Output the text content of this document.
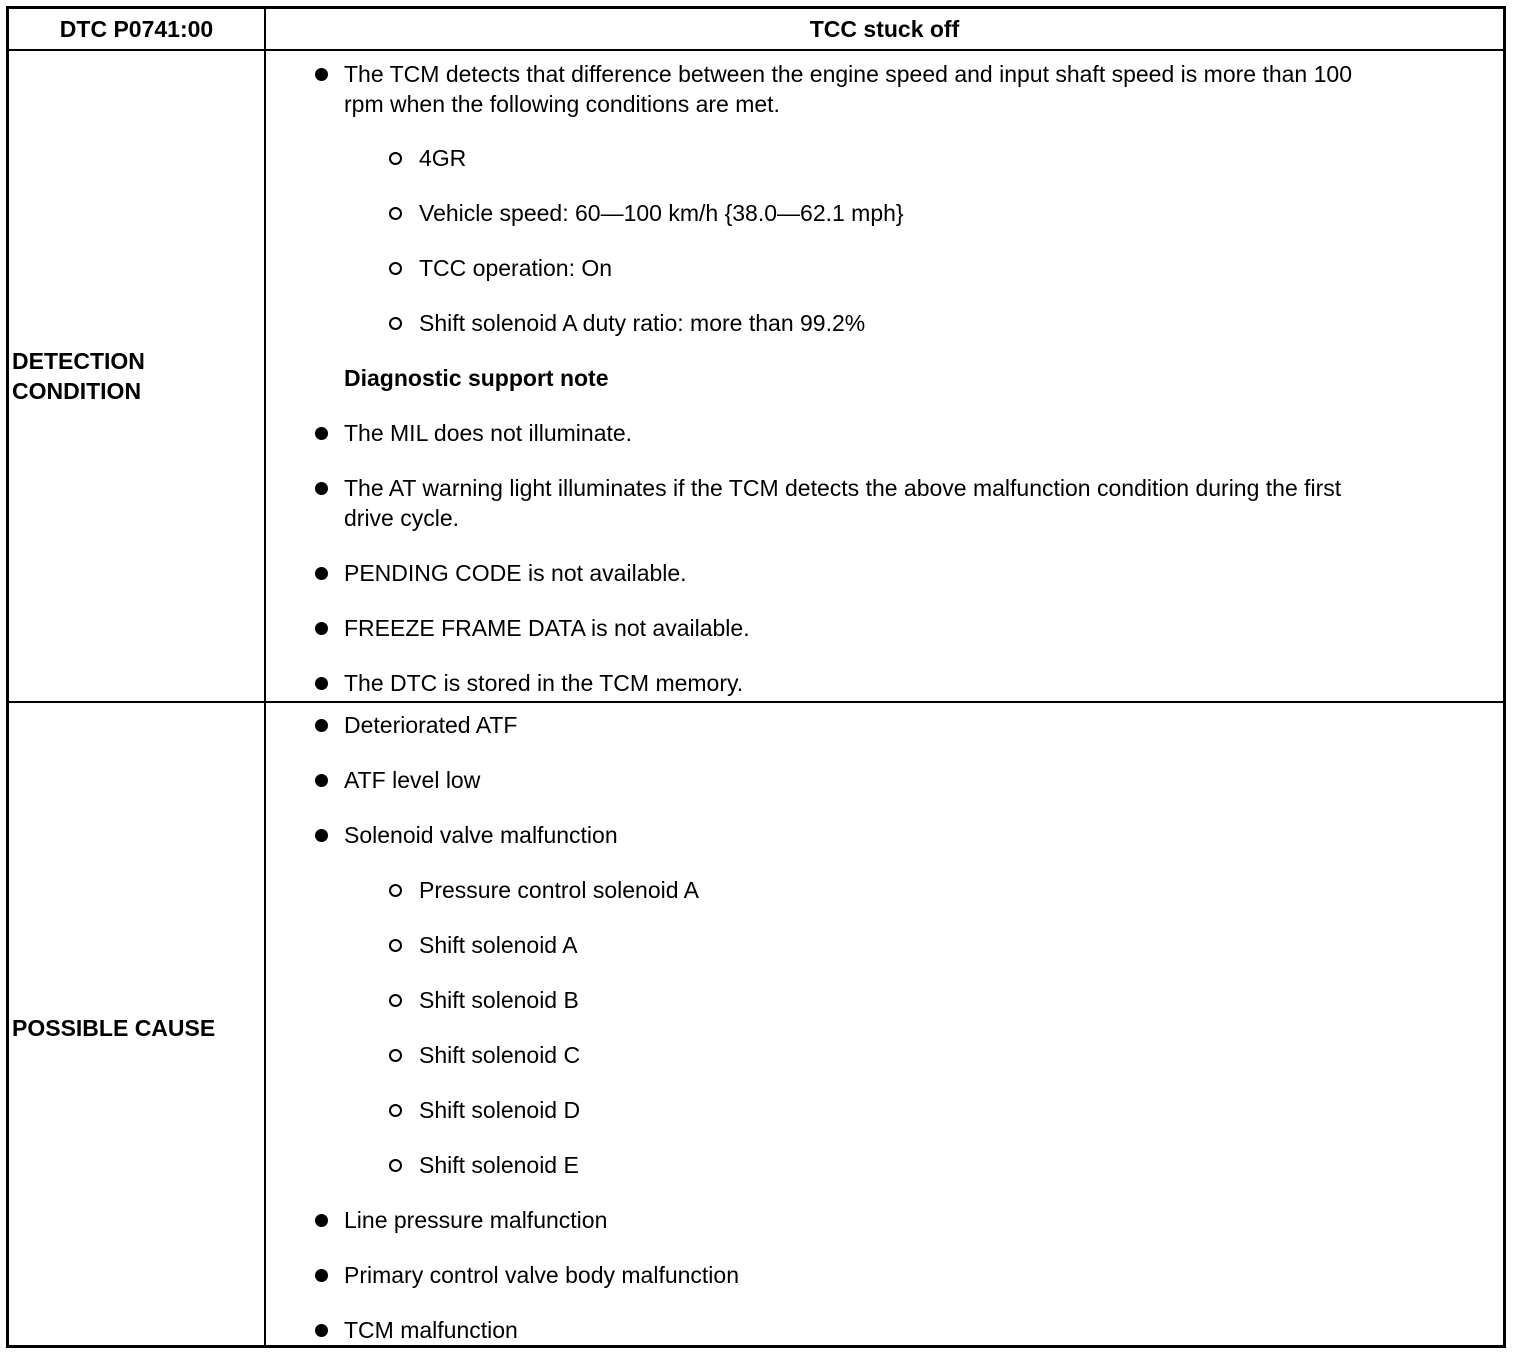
DTC P0741:00	TCC stuck off
DETECTION
CONDITION
The TCM detects that difference between the engine speed and input shaft speed is more than 100
rpm when the following conditions are met.
4GR
Vehicle speed: 60—100 km/h {38.0—62.1 mph}
TCC operation: On
Shift solenoid A duty ratio: more than 99.2%
Diagnostic support note
The MIL does not illuminate.
The AT warning light illuminates if the TCM detects the above malfunction condition during the first
drive cycle.
PENDING CODE is not available.
FREEZE FRAME DATA is not available.
The DTC is stored in the TCM memory.
POSSIBLE CAUSE
Deteriorated ATF
ATF level low
Solenoid valve malfunction
Pressure control solenoid A
Shift solenoid A
Shift solenoid B
Shift solenoid C
Shift solenoid D
Shift solenoid E
Line pressure malfunction
Primary control valve body malfunction
TCM malfunction
